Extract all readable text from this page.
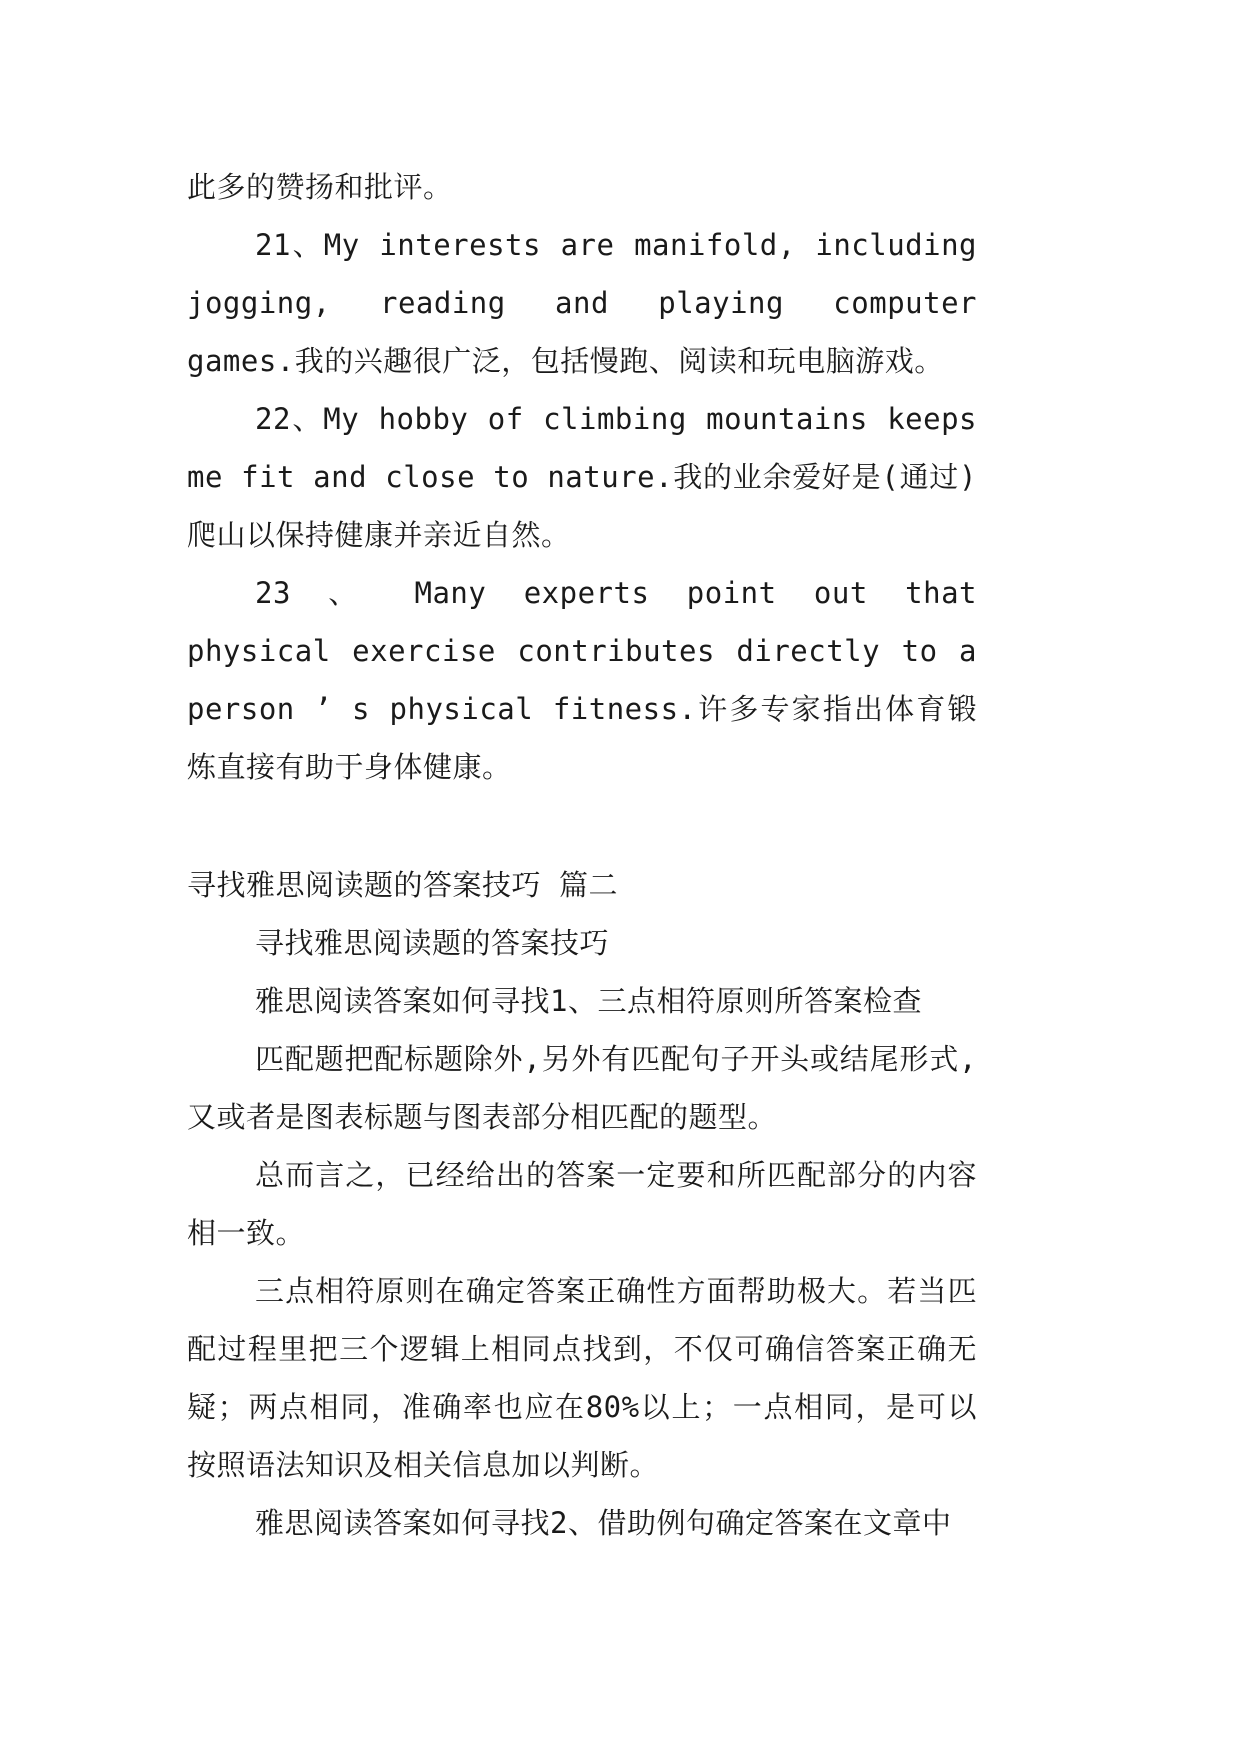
此多的赞扬和批评。

21、My interests are manifold, including jogging, reading and playing computer games.我的兴趣很广泛，包括慢跑、阅读和玩电脑游戏。

22、My hobby of climbing mountains keeps me fit and close to nature.我的业余爱好是(通过)爬山以保持健康并亲近自然。

23 、 Many experts point out that physical exercise contributes directly to a person ’ s physical fitness.许多专家指出体育锻炼直接有助于身体健康。

寻找雅思阅读题的答案技巧 篇二

寻找雅思阅读题的答案技巧

雅思阅读答案如何寻找1、三点相符原则所答案检查

匹配题把配标题除外,另外有匹配句子开头或结尾形式,又或者是图表标题与图表部分相匹配的题型。

总而言之，已经给出的答案一定要和所匹配部分的内容相一致。

三点相符原则在确定答案正确性方面帮助极大。若当匹配过程里把三个逻辑上相同点找到，不仅可确信答案正确无疑；两点相同，准确率也应在80%以上；一点相同，是可以按照语法知识及相关信息加以判断。

雅思阅读答案如何寻找2、借助例句确定答案在文章中
